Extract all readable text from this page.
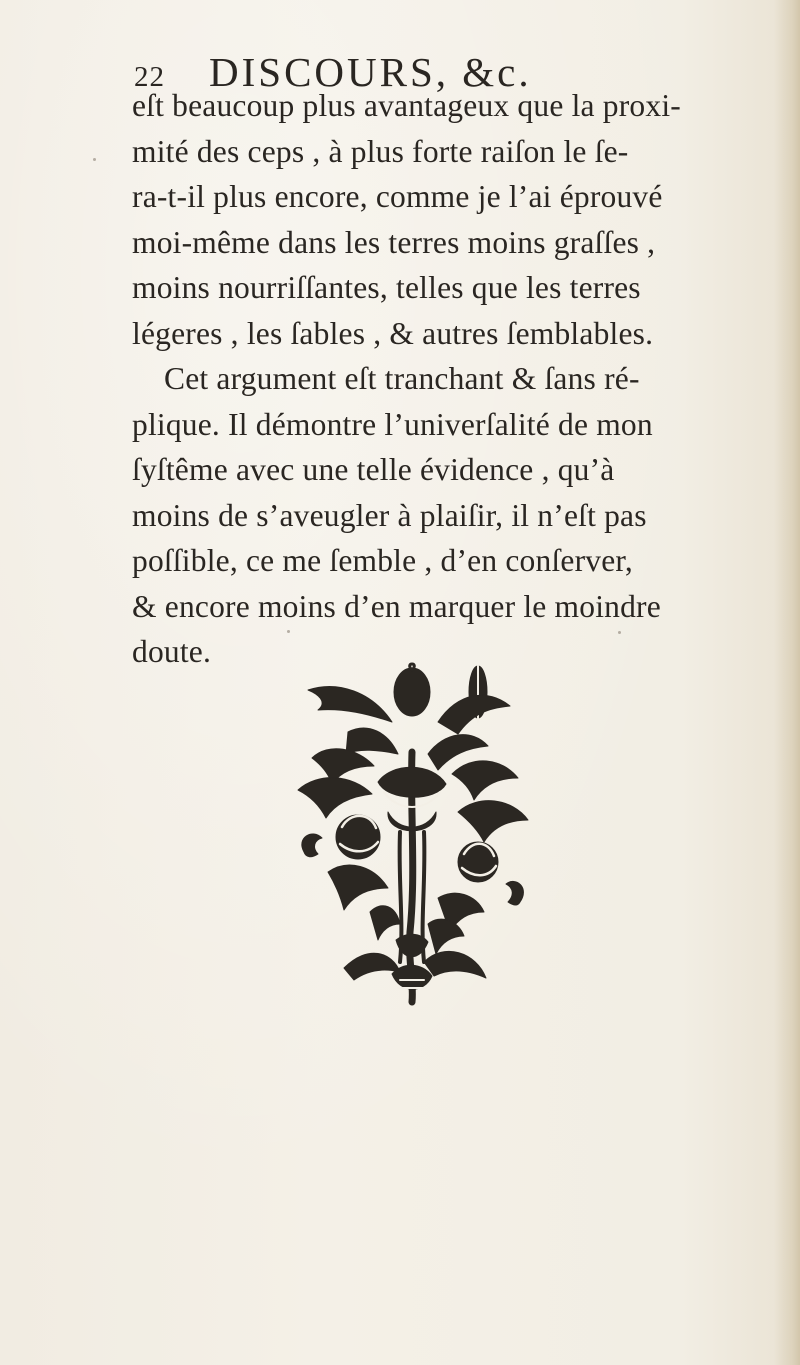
22 DISCOURS, &c.
eſt beaucoup plus avantageux que la proxi-
mité des ceps , à plus forte raiſon le ſe-
ra-t-il plus encore, comme je l’ai éprouvé
moi-même dans les terres moins graſſes ,
moins nourriſſantes, telles que les terres
légeres , les ſables , & autres ſemblables.
Cet argument eſt tranchant & ſans ré-
plique. Il démontre l’univerſalité de mon
ſyſtême avec une telle évidence , qu’à
moins de s’aveugler à plaiſir, il n’eſt pas
poſſible, ce me ſemble , d’en conſerver,
& encore moins d’en marquer le moindre
doute.
